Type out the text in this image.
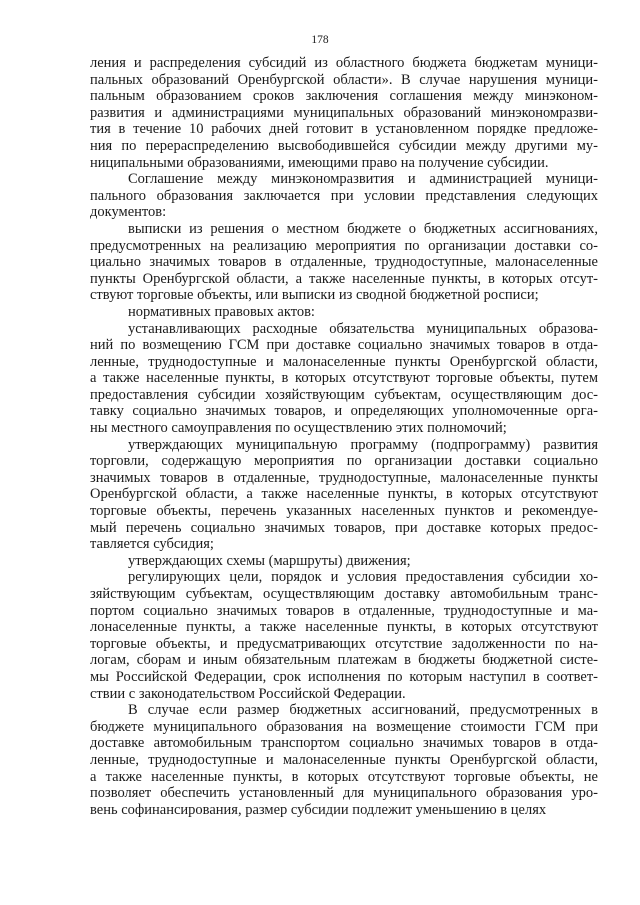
178
ления и распределения субсидий из областного бюджета бюджетам муници-
пальных образований Оренбургской области». В случае нарушения муници-
пальным образованием сроков заключения соглашения между минэконом-
развития и администрациями муниципальных образований минэкономразви-
тия в течение 10 рабочих дней готовит в установленном порядке предложе-
ния по перераспределению высвободившейся субсидии между другими му-
ниципальными образованиями, имеющими право на получение субсидии.
Соглашение между минэкономразвития и администрацией муници-
пального образования заключается при условии представления следующих
документов:
выписки из решения о местном бюджете о бюджетных ассигнованиях,
предусмотренных на реализацию мероприятия по организации доставки со-
циально значимых товаров в отдаленные, труднодоступные, малонаселенные
пункты Оренбургской области, а также населенные пункты, в которых отсут-
ствуют торговые объекты, или выписки из сводной бюджетной росписи;
нормативных правовых актов:
устанавливающих расходные обязательства муниципальных образова-
ний по возмещению ГСМ при доставке социально значимых товаров в отда-
ленные, труднодоступные и малонаселенные пункты Оренбургской области,
а также населенные пункты, в которых отсутствуют торговые объекты, путем
предоставления субсидии хозяйствующим субъектам, осуществляющим дос-
тавку социально значимых товаров, и определяющих уполномоченные орга-
ны местного самоуправления по осуществлению этих полномочий;
утверждающих муниципальную программу (подпрограмму) развития
торговли, содержащую мероприятия по организации доставки социально
значимых товаров в отдаленные, труднодоступные, малонаселенные пункты
Оренбургской области, а также населенные пункты, в которых отсутствуют
торговые объекты, перечень указанных населенных пунктов и рекомендуе-
мый перечень социально значимых товаров, при доставке которых предос-
тавляется субсидия;
утверждающих схемы (маршруты) движения;
регулирующих цели, порядок и условия предоставления субсидии хо-
зяйствующим субъектам, осуществляющим доставку автомобильным транс-
портом социально значимых товаров в отдаленные, труднодоступные и ма-
лонаселенные пункты, а также населенные пункты, в которых отсутствуют
торговые объекты, и предусматривающих отсутствие задолженности по на-
логам, сборам и иным обязательным платежам в бюджеты бюджетной систе-
мы Российской Федерации, срок исполнения по которым наступил в соответ-
ствии с законодательством Российской Федерации.
В случае если размер бюджетных ассигнований, предусмотренных в
бюджете муниципального образования на возмещение стоимости ГСМ при
доставке автомобильным транспортом социально значимых товаров в отда-
ленные, труднодоступные и малонаселенные пункты Оренбургской области,
а также населенные пункты, в которых отсутствуют торговые объекты, не
позволяет обеспечить установленный для муниципального образования уро-
вень софинансирования, размер субсидии подлежит уменьшению в целях
